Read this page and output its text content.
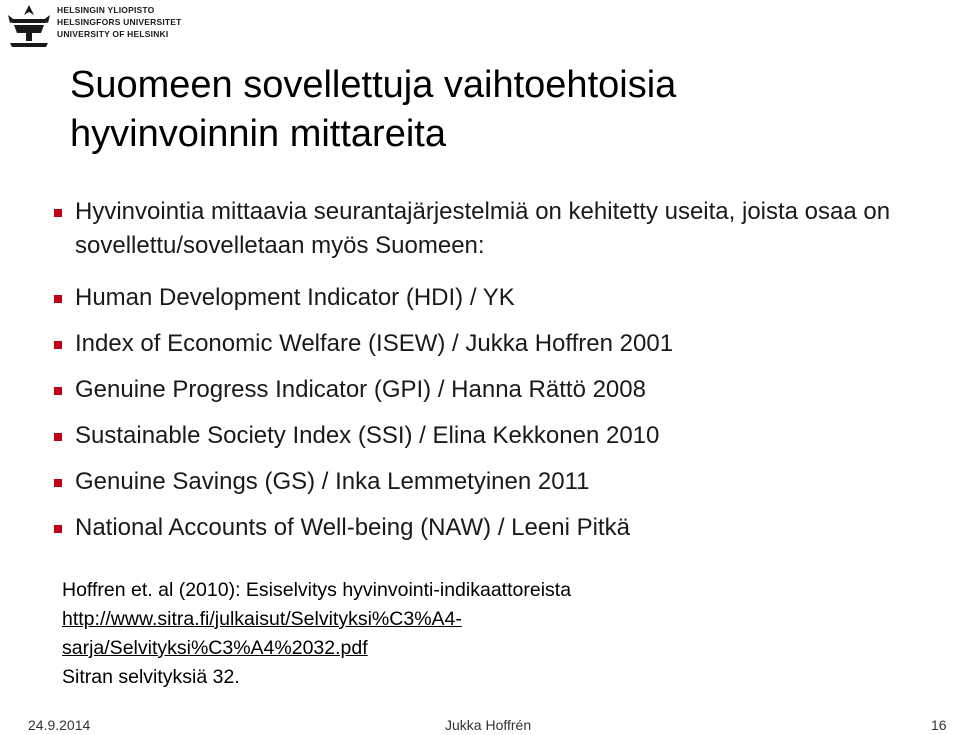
HELSINGIN YLIOPISTO
HELSINGFORS UNIVERSITET
UNIVERSITY OF HELSINKI
Suomeen sovellettuja vaihtoehtoisia
hyvinvoinnin mittareita
Hyvinvointia mittaavia seurantajärjestelmiä on kehitetty useita, joista osaa on sovellettu/sovelletaan myös Suomeen:
Human Development Indicator (HDI) / YK
Index of Economic Welfare (ISEW) / Jukka Hoffren 2001
Genuine Progress Indicator (GPI) / Hanna Rättö 2008
Sustainable Society Index (SSI) / Elina Kekkonen 2010
Genuine Savings (GS) / Inka Lemmetyinen 2011
National Accounts of Well-being (NAW) / Leeni Pitkä
Hoffren et. al (2010): Esiselvitys hyvinvointi-indikaattoreista
http://www.sitra.fi/julkaisut/Selvityksi%C3%A4-
sarja/Selvityksi%C3%A4%2032.pdf
Sitran selvityksiä 32.
24.9.2014	Jukka Hoffrén	16
